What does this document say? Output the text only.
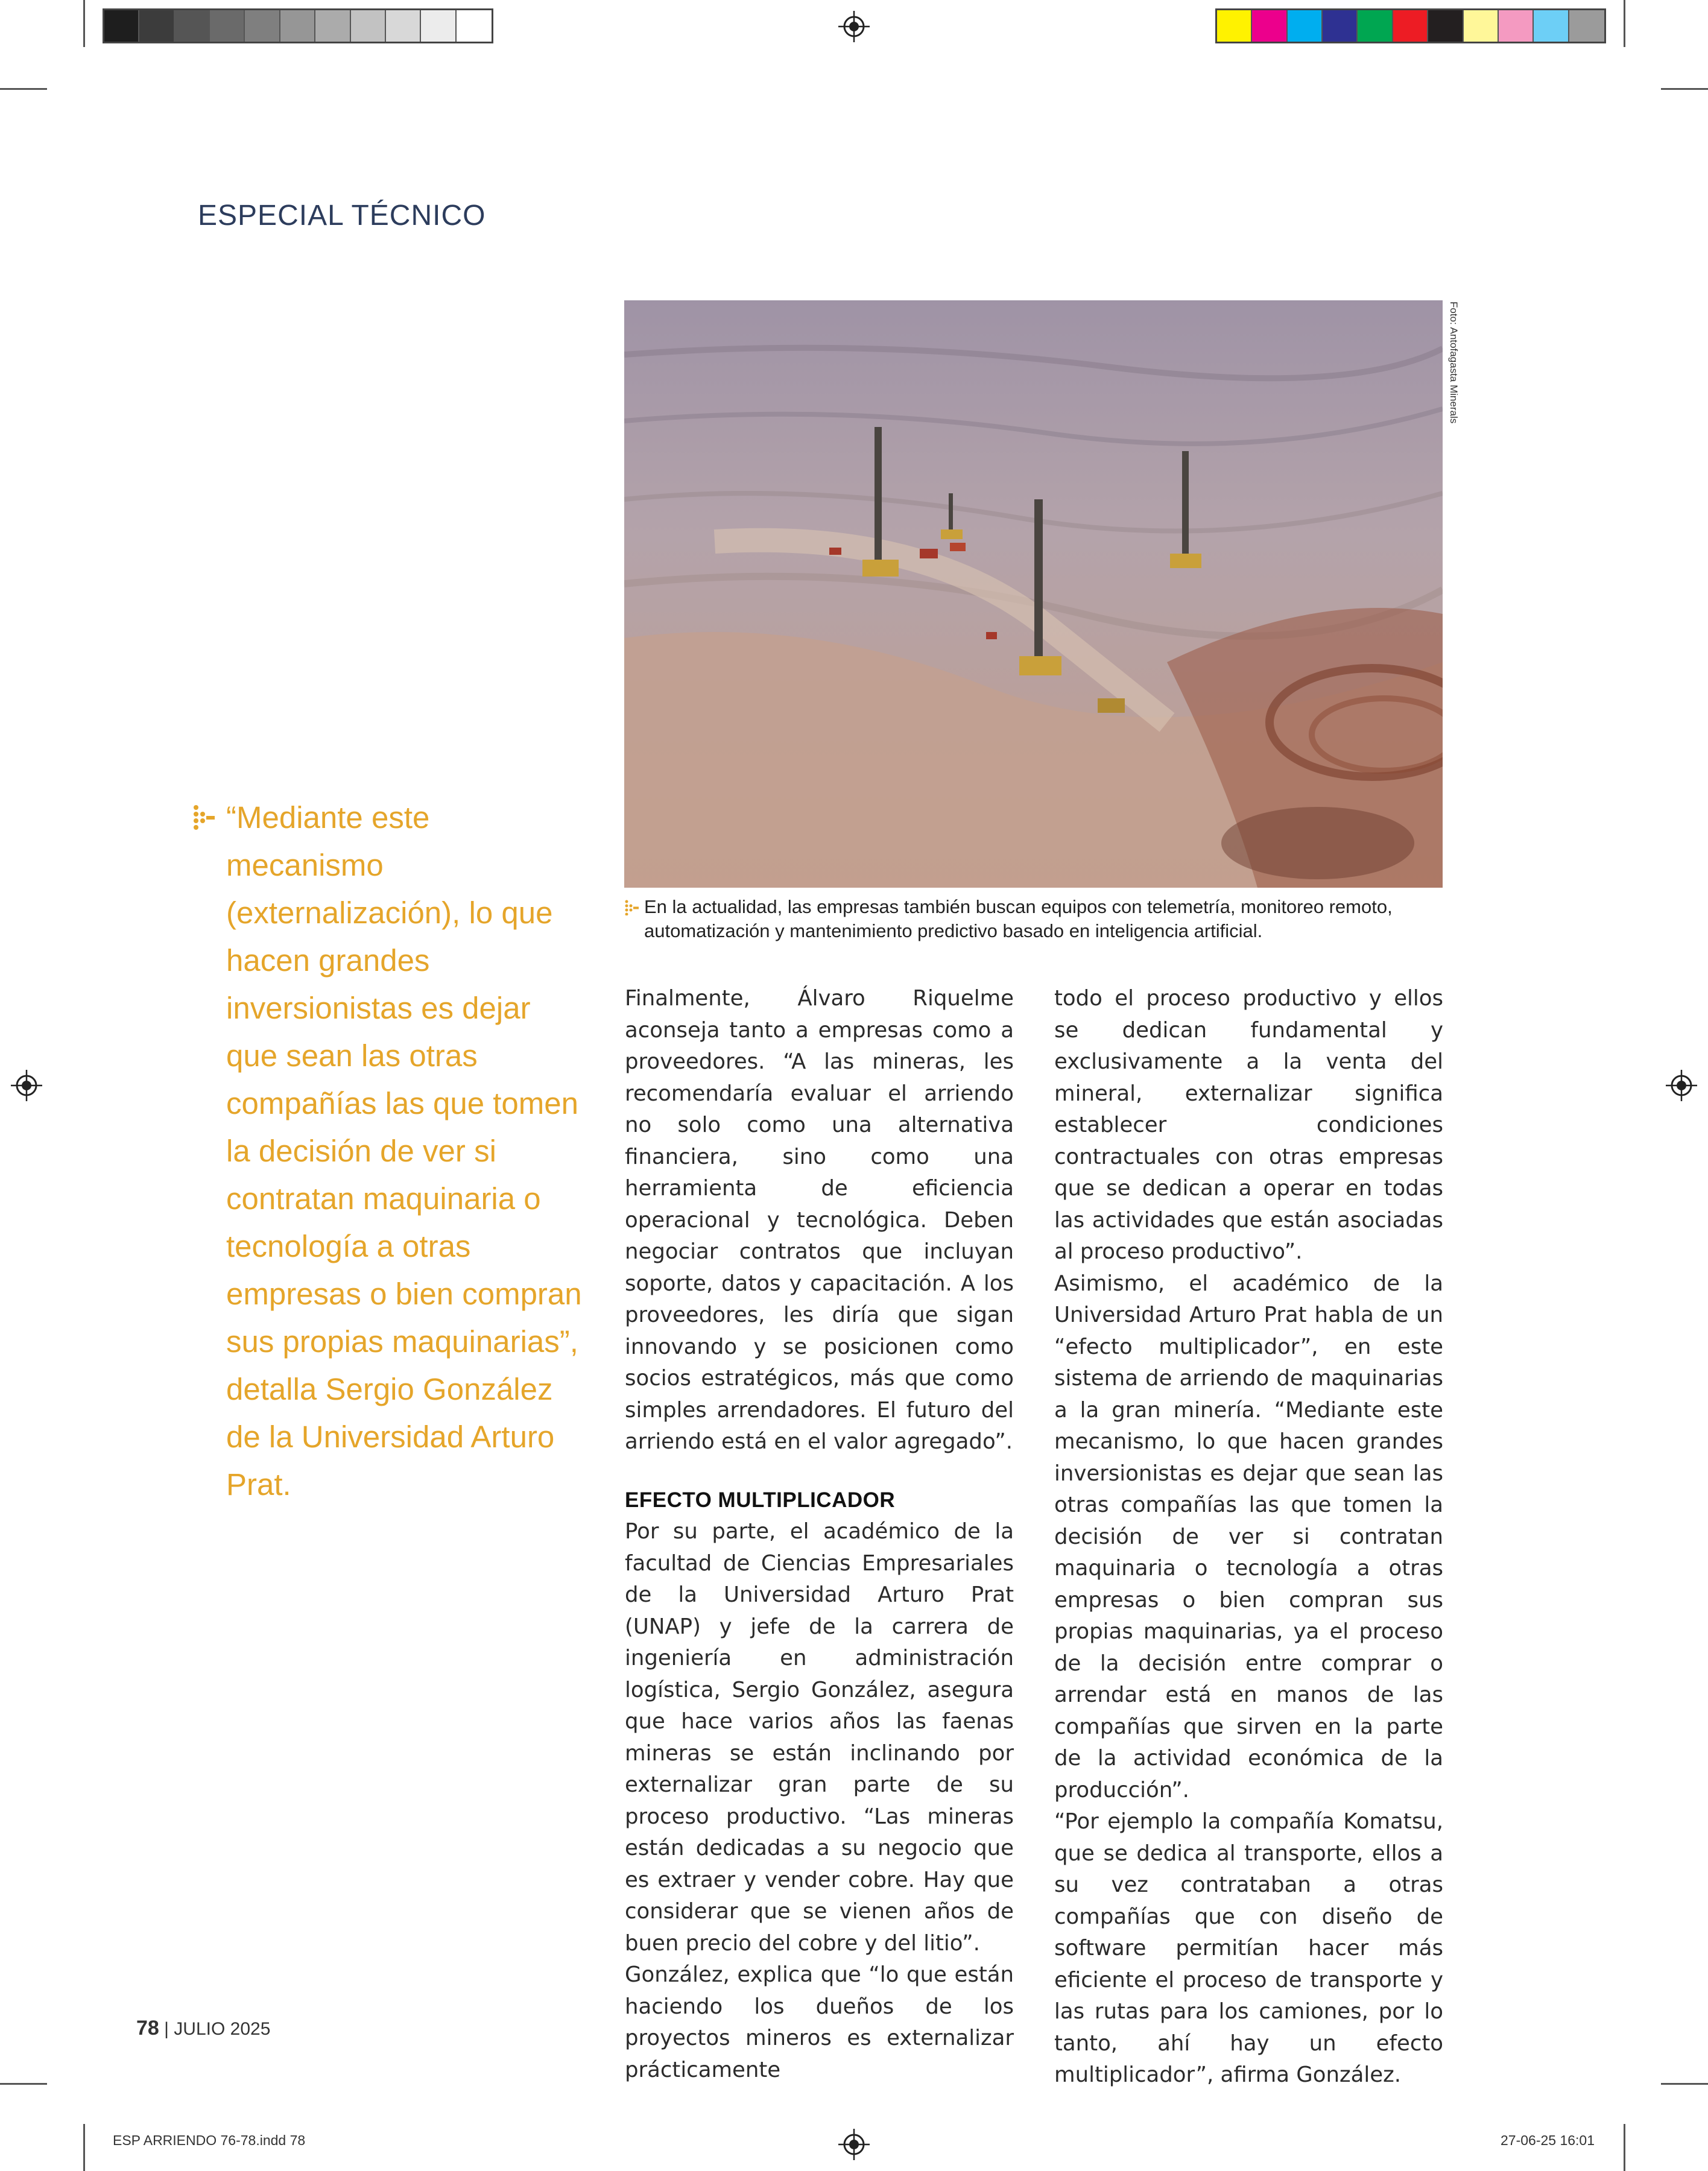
ESPECIAL TÉCNICO
Foto: Antofagasta Minerals
En la actualidad, las empresas también buscan equipos con telemetría, monitoreo remoto, automatización y mantenimiento predictivo basado en inteligencia artificial.
“Mediante este mecanismo (externalización), lo que hacen grandes inversionistas es dejar que sean las otras compañías las que tomen la decisión de ver si contratan maquinaria o tecnología a otras empresas o bien compran sus propias maquinarias”, detalla Sergio González de la Universidad Arturo Prat.

Finalmente, Álvaro Riquelme aconseja tanto a empresas como a proveedores. “A las mineras, les recomendaría evaluar el arriendo no solo como una alternativa financiera, sino como una herramienta de eficiencia operacional y tecnológica. Deben negociar contratos que incluyan soporte, datos y capacitación. A los proveedores, les diría que sigan innovando y se posicionen como socios estratégicos, más que como simples arrendadores. El futuro del arriendo está en el valor agregado”.

EFECTO MULTIPLICADOR

Por su parte, el académico de la facultad de Ciencias Empresariales de la Universidad Arturo Prat (UNAP) y jefe de la carrera de ingeniería en administración logística, Sergio González, asegura que hace varios años las faenas mineras se están inclinando por externalizar gran parte de su proceso productivo. “Las mineras están dedicadas a su negocio que es extraer y vender cobre. Hay que considerar que se vienen años de buen precio del cobre y del litio”.

González, explica que “lo que están haciendo los dueños de los proyectos mineros es externalizar prácticamente

todo el proceso productivo y ellos se dedican fundamental y exclusivamente a la venta del mineral, externalizar significa establecer condiciones contractuales con otras empresas que se dedican a operar en todas las actividades que están asociadas al proceso productivo”.

Asimismo, el académico de la Universidad Arturo Prat habla de un “efecto multiplicador”, en este sistema de arriendo de maquinarias a la gran minería. “Mediante este mecanismo, lo que hacen grandes inversionistas es dejar que sean las otras compañías las que tomen la decisión de ver si contratan maquinaria o tecnología a otras empresas o bien compran sus propias maquinarias, ya el proceso de la decisión entre comprar o arrendar está en manos de las compañías que sirven en la parte de la actividad económica de la producción”.

“Por ejemplo la compañía Komatsu, que se dedica al transporte, ellos a su vez contrataban a otras compañías que con diseño de software permitían hacer más eficiente el proceso de transporte y las rutas para los camiones, por lo tanto, ahí hay un efecto multiplicador”, afirma González.

78 | JULIO 2025
ESP ARRIENDO 76-78.indd 78	27-06-25 16:01
